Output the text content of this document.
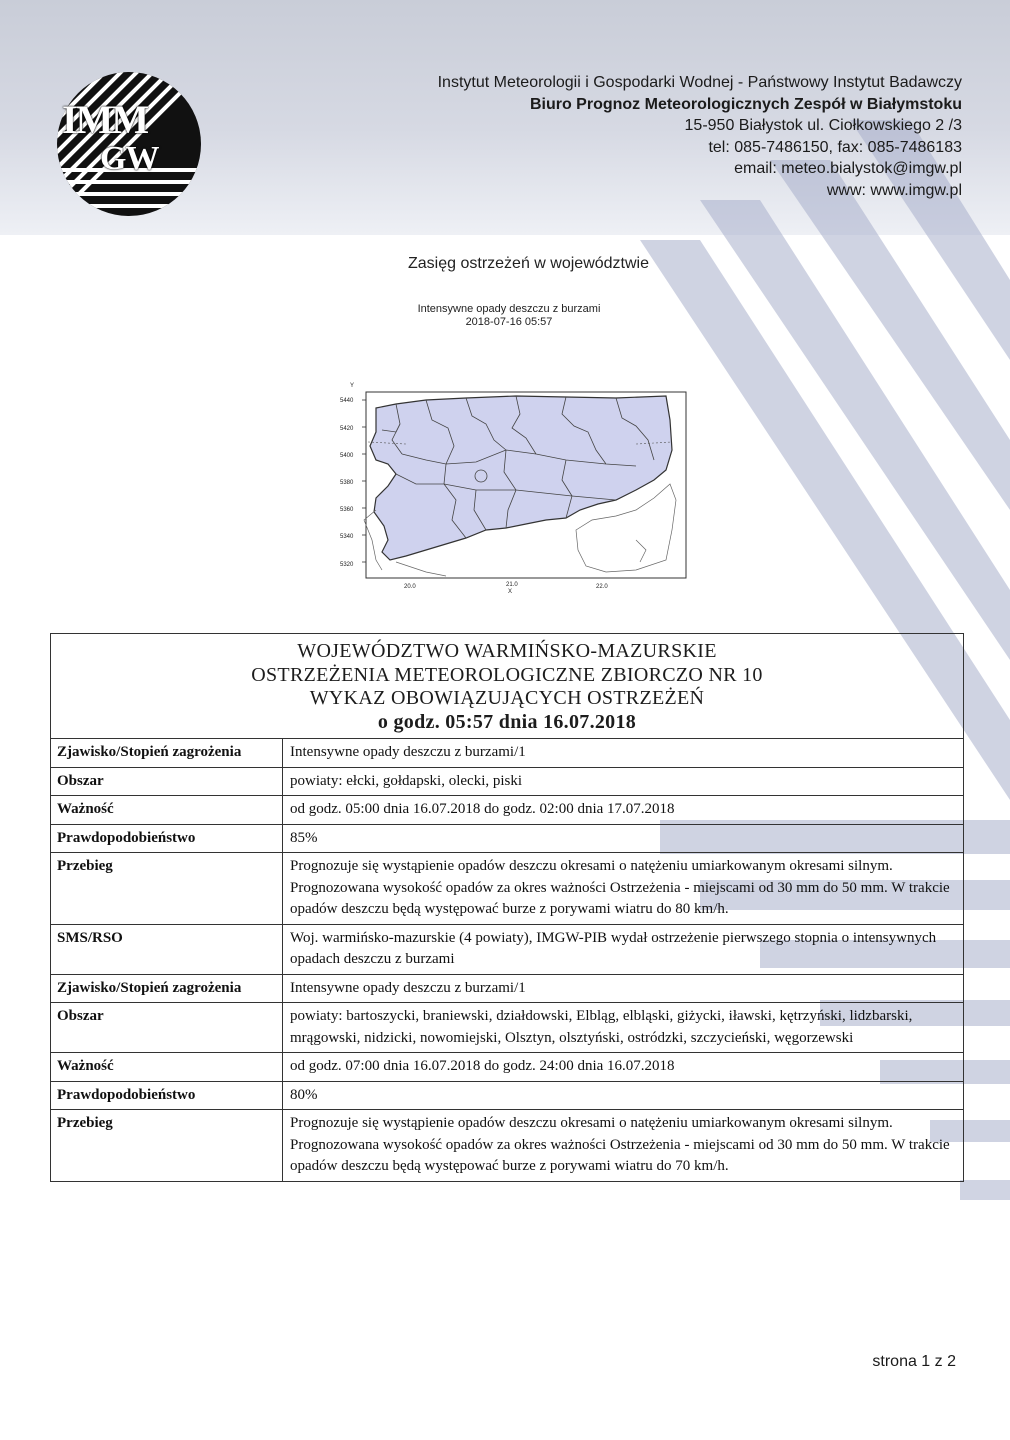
IMM
GW
Instytut Meteorologii i Gospodarki Wodnej - Państwowy Instytut Badawczy
Biuro Prognoz Meteorologicznych Zespół w Białymstoku
15-950 Białystok ul. Ciołkowskiego 2 /3
tel: 085-7486150, fax: 085-7486183
email: meteo.bialystok@imgw.pl
www: www.imgw.pl
Zasięg ostrzeżeń w województwie
Intensywne opady deszczu z burzami
2018-07-16 05:57
Y
5440
5420
5400
5380
5360
5340
5320
20.0	21.0
X
22.0
WOJEWÓDZTWO WARMIŃSKO-MAZURSKIE
OSTRZEŻENIA METEOROLOGICZNE ZBIORCZO NR 10
WYKAZ OBOWIĄZUJĄCYCH OSTRZEŻEŃ
o godz. 05:57 dnia 16.07.2018
Zjawisko/Stopień zagrożenia	Intensywne opady deszczu z burzami/1
Obszar	powiaty: ełcki, gołdapski, olecki, piski
Ważność	od godz. 05:00 dnia 16.07.2018 do godz. 02:00 dnia 17.07.2018
Prawdopodobieństwo	85%
Przebieg	Prognozuje się wystąpienie opadów deszczu okresami o natężeniu umiarkowanym okresami silnym. Prognozowana wysokość opadów za okres ważności Ostrzeżenia - miejscami od 30 mm do 50 mm. W trakcie opadów deszczu będą występować burze z porywami wiatru do 80 km/h.
SMS/RSO	Woj. warmińsko-mazurskie (4 powiaty), IMGW-PIB wydał ostrzeżenie pierwszego stopnia o intensywnych opadach deszczu z burzami
Zjawisko/Stopień zagrożenia	Intensywne opady deszczu z burzami/1
Obszar	powiaty: bartoszycki, braniewski, działdowski, Elbląg, elbląski, giżycki, iławski, kętrzyński, lidzbarski, mrągowski, nidzicki, nowomiejski, Olsztyn, olsztyński, ostródzki, szczycieński, węgorzewski
Ważność	od godz. 07:00 dnia 16.07.2018 do godz. 24:00 dnia 16.07.2018
Prawdopodobieństwo	80%
Przebieg	Prognozuje się wystąpienie opadów deszczu okresami o natężeniu umiarkowanym okresami silnym. Prognozowana wysokość opadów za okres ważności Ostrzeżenia - miejscami od 30 mm do 50 mm. W trakcie opadów deszczu będą występować burze z porywami wiatru do 70 km/h.
strona 1 z 2
